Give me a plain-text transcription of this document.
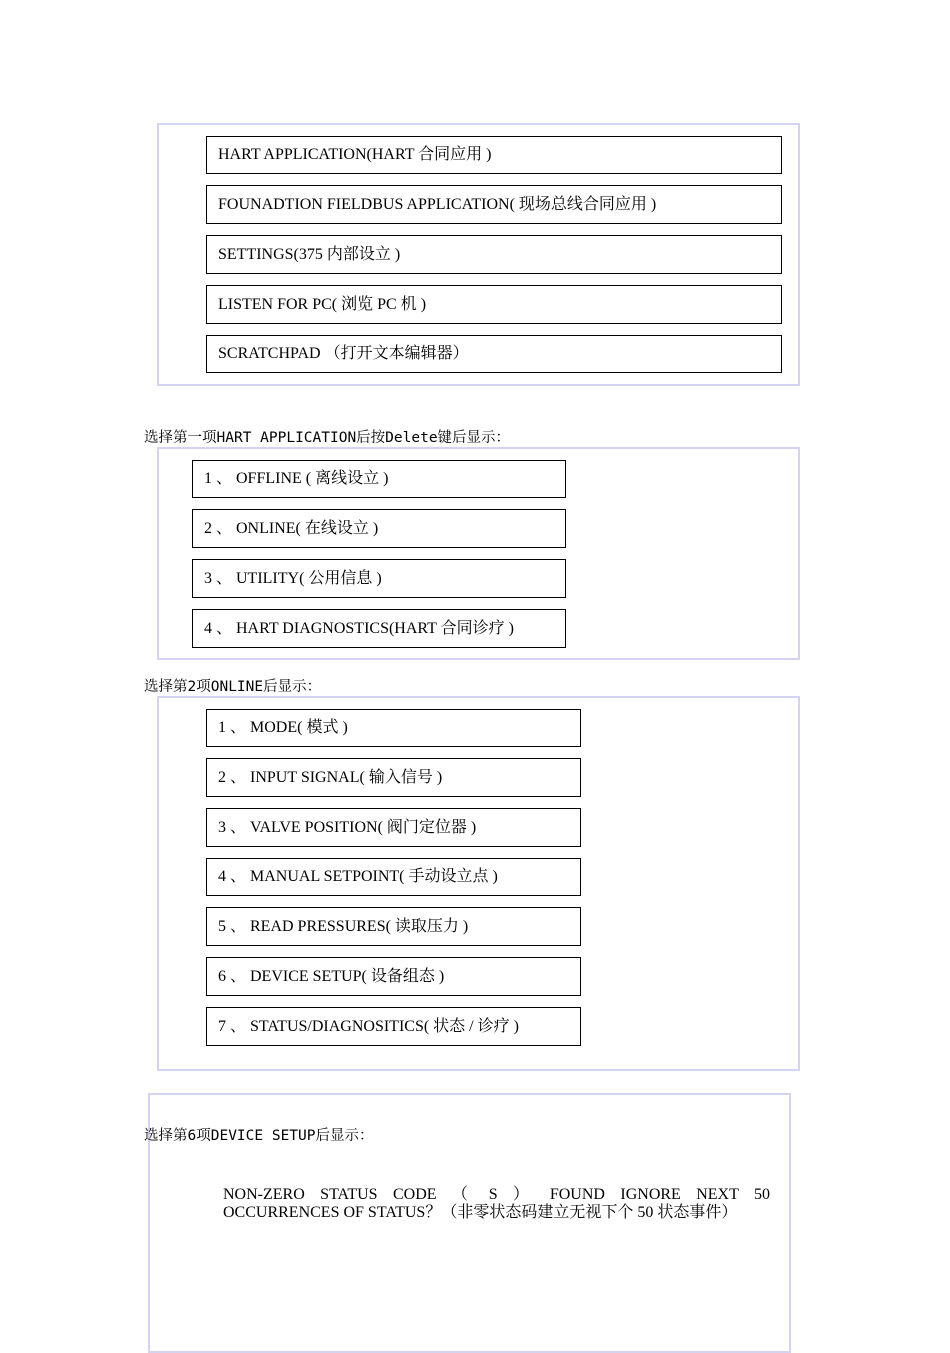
HART APPLICATION(HART 合同应用 )
FOUNADTION FIELDBUS APPLICATION( 现场总线合同应用 )
SETTINGS(375 内部设立 )
LISTEN FOR PC( 浏览 PC 机 )
SCRATCHPAD （打开文本编辑器）
选择第一项HART APPLICATION后按Delete键后显示：
1 、 OFFLINE ( 离线设立 )
2 、 ONLINE( 在线设立 )
3 、 UTILITY( 公用信息 )
4 、 HART DIAGNOSTICS(HART 合同诊疗 )
选择第2项ONLINE后显示：
1 、 MODE( 模式 )
2 、 INPUT SIGNAL( 输入信号 )
3 、 VALVE POSITION( 阀门定位器 )
4 、 MANUAL SETPOINT( 手动设立点 )
5 、 READ PRESSURES( 读取压力 )
6 、 DEVICE SETUP( 设备组态 )
7 、 STATUS/DIAGNOSITICS( 状态 / 诊疗 )
选择第6项DEVICE SETUP后显示：
NON-ZERO STATUS CODE （ S ） FOUND IGNORE NEXT 50
OCCURRENCES OF STATUS？（非零状态码建立无视下个 50 状态事件）
